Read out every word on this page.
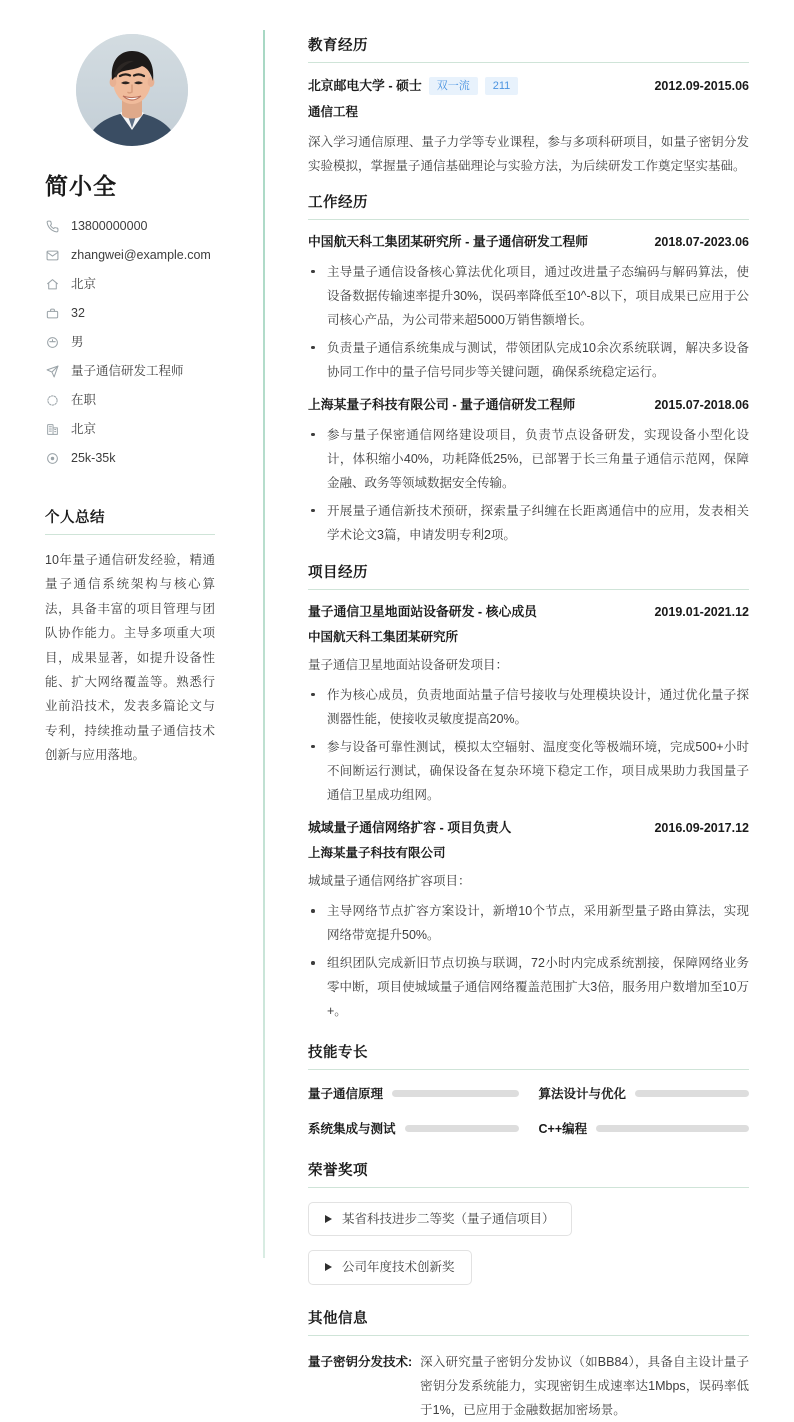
简小全
13800000000
zhangwei@example.com
北京
32
男
量子通信研发工程师
在职
北京
25k-35k
个人总结

10年量子通信研发经验，精通量子通信系统架构与核心算法，具备丰富的项目管理与团队协作能力。主导多项重大项目，成果显著，如提升设备性能、扩大网络覆盖等。熟悉行业前沿技术，发表多篇论文与专利，持续推动量子通信技术创新与应用落地。

教育经历
北京邮电大学 - 硕士	双一流	211	2012.09-2015.06
通信工程

深入学习通信原理、量子力学等专业课程，参与多项科研项目，如量子密钥分发实验模拟，掌握量子通信基础理论与实验方法，为后续研发工作奠定坚实基础。

工作经历
中国航天科工集团某研究所 - 量子通信研发工程师	2018.07-2023.06
主导量子通信设备核心算法优化项目，通过改进量子态编码与解码算法，使设备数据传输速率提升30%，误码率降低至10^-8以下，项目成果已应用于公司核心产品，为公司带来超5000万销售额增长。
负责量子通信系统集成与测试，带领团队完成10余次系统联调，解决多设备协同工作中的量子信号同步等关键问题，确保系统稳定运行。
上海某量子科技有限公司 - 量子通信研发工程师	2015.07-2018.06
参与量子保密通信网络建设项目，负责节点设备研发，实现设备小型化设计，体积缩小40%，功耗降低25%，已部署于长三角量子通信示范网，保障金融、政务等领域数据安全传输。
开展量子通信新技术预研，探索量子纠缠在长距离通信中的应用，发表相关学术论文3篇，申请发明专利2项。
项目经历
量子通信卫星地面站设备研发 - 核心成员	2019.01-2021.12
中国航天科工集团某研究所
量子通信卫星地面站设备研发项目：
作为核心成员，负责地面站量子信号接收与处理模块设计，通过优化量子探测器性能，使接收灵敏度提高20%。
参与设备可靠性测试，模拟太空辐射、温度变化等极端环境，完成500+小时不间断运行测试，确保设备在复杂环境下稳定工作，项目成果助力我国量子通信卫星成功组网。
城域量子通信网络扩容 - 项目负责人	2016.09-2017.12
上海某量子科技有限公司
城域量子通信网络扩容项目：
主导网络节点扩容方案设计，新增10个节点，采用新型量子路由算法，实现网络带宽提升50%。
组织团队完成新旧节点切换与联调，72小时内完成系统割接，保障网络业务零中断，项目使城域量子通信网络覆盖范围扩大3倍，服务用户数增加至10万+。
技能专长
量子通信原理	算法设计与优化
系统集成与测试	C++编程
荣誉奖项
某省科技进步二等奖（量子通信项目）
公司年度技术创新奖
其他信息
量子密钥分发技术: 深入研究量子密钥分发协议（如BB84），具备自主设计量子密钥分发系统能力，实现密钥生成速率达1Mbps，误码率低于1%，已应用于金融数据加密场景。
